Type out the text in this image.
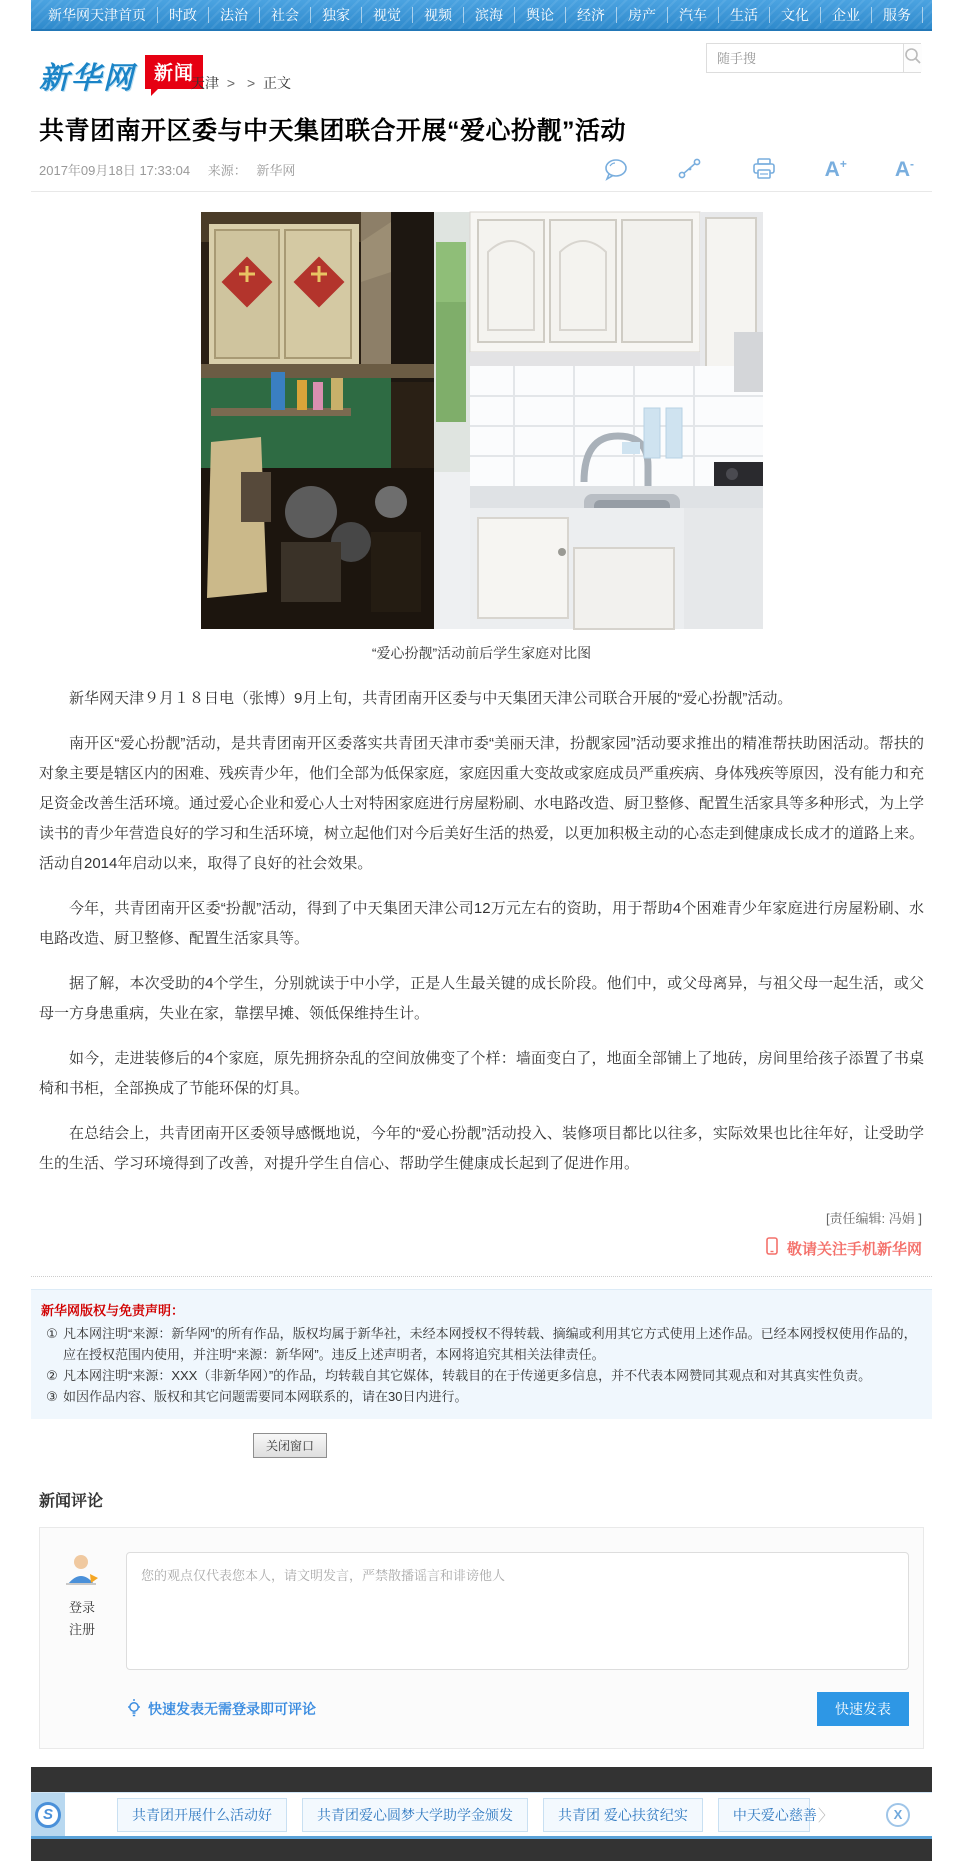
新华网天津首页	时政	法治	社会	独家	视觉	视频	滨海	舆论	经济	房产	汽车	生活	文化	企业	服务	健康
新华网	新闻
天津 > > 正文
随手搜
共青团南开区委与中天集团联合开展“爱心扮靓”活动
2017年09月18日 17:33:04 来源： 新华网	A+ A-
“爱心扮靓”活动前后学生家庭对比图

新华网天津９月１８日电（张博）9月上旬，共青团南开区委与中天集团天津公司联合开展的“爱心扮靓”活动。

南开区“爱心扮靓”活动，是共青团南开区委落实共青团天津市委“美丽天津，扮靓家园”活动要求推出的精准帮扶助困活动。帮扶的对象主要是辖区内的困难、残疾青少年，他们全部为低保家庭，家庭因重大变故或家庭成员严重疾病、身体残疾等原因，没有能力和充足资金改善生活环境。通过爱心企业和爱心人士对特困家庭进行房屋粉刷、水电路改造、厨卫整修、配置生活家具等多种形式，为上学读书的青少年营造良好的学习和生活环境，树立起他们对今后美好生活的热爱，以更加积极主动的心态走到健康成长成才的道路上来。活动自2014年启动以来，取得了良好的社会效果。

今年，共青团南开区委“扮靓”活动，得到了中天集团天津公司12万元左右的资助，用于帮助4个困难青少年家庭进行房屋粉刷、水电路改造、厨卫整修、配置生活家具等。

据了解，本次受助的4个学生，分别就读于中小学，正是人生最关键的成长阶段。他们中，或父母离异，与祖父母一起生活，或父母一方身患重病，失业在家，靠摆早摊、领低保维持生计。

如今，走进装修后的4个家庭，原先拥挤杂乱的空间放佛变了个样：墙面变白了，地面全部铺上了地砖，房间里给孩子添置了书桌椅和书柜，全部换成了节能环保的灯具。

在总结会上，共青团南开区委领导感慨地说，今年的“爱心扮靓”活动投入、装修项目都比以往多，实际效果也比往年好，让受助学生的生活、学习环境得到了改善，对提升学生自信心、帮助学生健康成长起到了促进作用。

[责任编辑: 冯娟 ]
敬请关注手机新华网
新华网版权与免责声明：
① 凡本网注明“来源：新华网”的所有作品，版权均属于新华社，未经本网授权不得转载、摘编或利用其它方式使用上述作品。已经本网授权使用作品的，应在授权范围内使用，并注明“来源：新华网”。违反上述声明者，本网将追究其相关法律责任。
② 凡本网注明“来源：XXX（非新华网）”的作品，均转载自其它媒体，转载目的在于传递更多信息，并不代表本网赞同其观点和对其真实性负责。
③ 如因作品内容、版权和其它问题需要同本网联系的，请在30日内进行。
关闭窗口
新闻评论
登录
注册
您的观点仅代表您本人，请文明发言，严禁散播谣言和诽谤他人
快速发表无需登录即可评论	快速发表
?
S	共青团开展什么活动好	共青团爱心圆梦大学助学金颁发	共青团 爱心扶贫纪实	中天爱心慈善 〉	X
